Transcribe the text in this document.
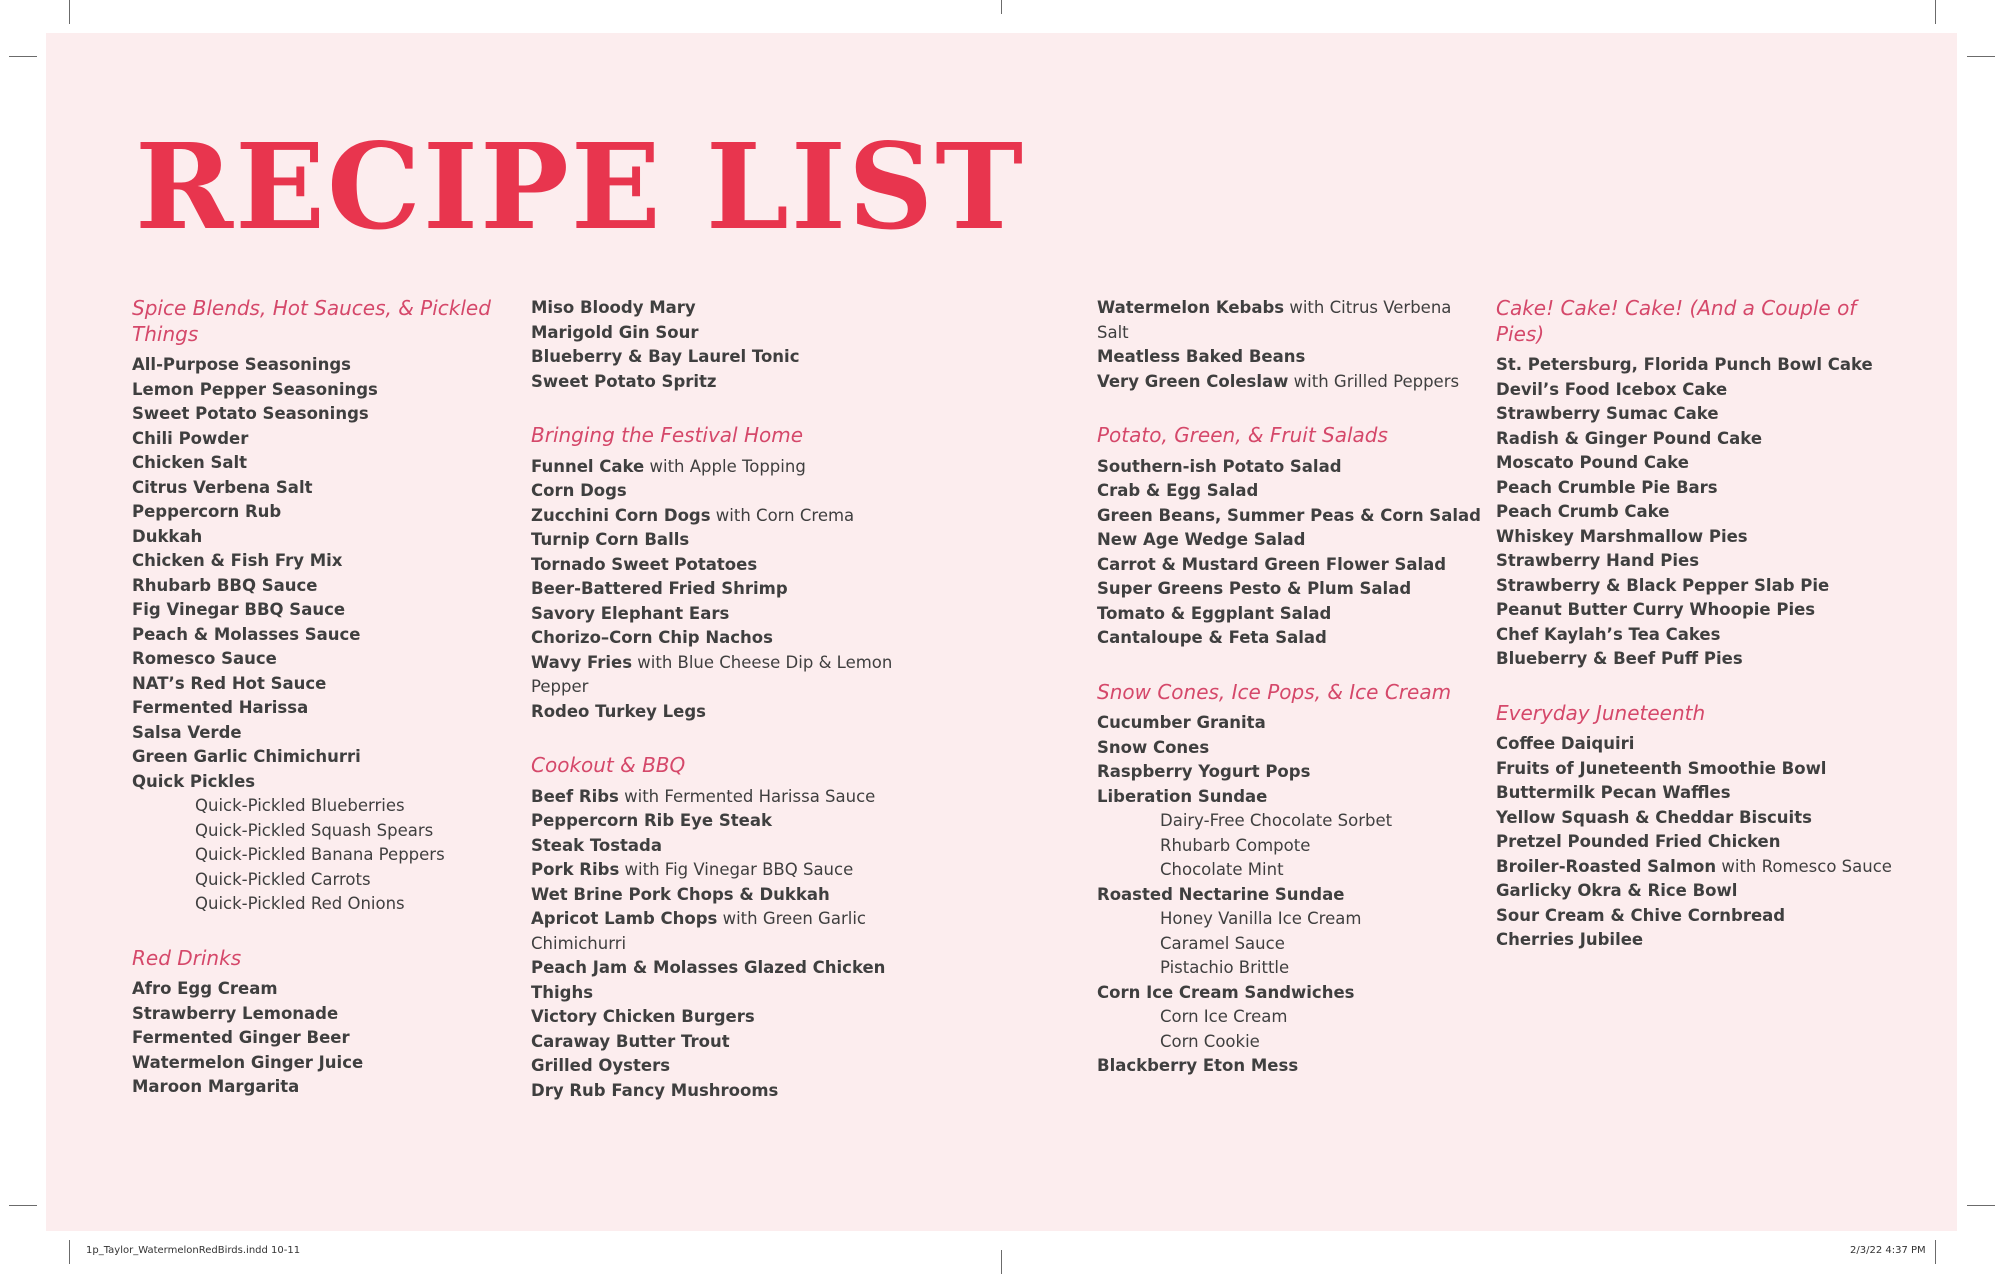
RECIPE LIST
Spice Blends, Hot Sauces, & Pickled Things
All-Purpose Seasonings
Lemon Pepper Seasonings
Sweet Potato Seasonings
Chili Powder
Chicken Salt
Citrus Verbena Salt
Peppercorn Rub
Dukkah
Chicken & Fish Fry Mix
Rhubarb BBQ Sauce
Fig Vinegar BBQ Sauce
Peach & Molasses Sauce
Romesco Sauce
NAT’s Red Hot Sauce
Fermented Harissa
Salsa Verde
Green Garlic Chimichurri
Quick Pickles
Quick-Pickled Blueberries
Quick-Pickled Squash Spears
Quick-Pickled Banana Peppers
Quick-Pickled Carrots
Quick-Pickled Red Onions
Red Drinks
Afro Egg Cream
Strawberry Lemonade
Fermented Ginger Beer
Watermelon Ginger Juice
Maroon Margarita
Miso Bloody Mary
Marigold Gin Sour
Blueberry & Bay Laurel Tonic
Sweet Potato Spritz
Bringing the Festival Home
Funnel Cake with Apple Topping
Corn Dogs
Zucchini Corn Dogs with Corn Crema
Turnip Corn Balls
Tornado Sweet Potatoes
Beer-Battered Fried Shrimp
Savory Elephant Ears
Chorizo–Corn Chip Nachos
Wavy Fries with Blue Cheese Dip & Lemon Pepper
Rodeo Turkey Legs
Cookout & BBQ
Beef Ribs with Fermented Harissa Sauce
Peppercorn Rib Eye Steak
Steak Tostada
Pork Ribs with Fig Vinegar BBQ Sauce
Wet Brine Pork Chops & Dukkah
Apricot Lamb Chops with Green Garlic Chimichurri
Peach Jam & Molasses Glazed Chicken Thighs
Victory Chicken Burgers
Caraway Butter Trout
Grilled Oysters
Dry Rub Fancy Mushrooms
Watermelon Kebabs with Citrus Verbena Salt
Meatless Baked Beans
Very Green Coleslaw with Grilled Peppers
Potato, Green, & Fruit Salads
Southern-ish Potato Salad
Crab & Egg Salad
Green Beans, Summer Peas & Corn Salad
New Age Wedge Salad
Carrot & Mustard Green Flower Salad
Super Greens Pesto & Plum Salad
Tomato & Eggplant Salad
Cantaloupe & Feta Salad
Snow Cones, Ice Pops, & Ice Cream
Cucumber Granita
Snow Cones
Raspberry Yogurt Pops
Liberation Sundae
Dairy-Free Chocolate Sorbet
Rhubarb Compote
Chocolate Mint
Roasted Nectarine Sundae
Honey Vanilla Ice Cream
Caramel Sauce
Pistachio Brittle
Corn Ice Cream Sandwiches
Corn Ice Cream
Corn Cookie
Blackberry Eton Mess
Cake! Cake! Cake! (And a Couple of Pies)
St. Petersburg, Florida Punch Bowl Cake
Devil’s Food Icebox Cake
Strawberry Sumac Cake
Radish & Ginger Pound Cake
Moscato Pound Cake
Peach Crumble Pie Bars
Peach Crumb Cake
Whiskey Marshmallow Pies
Strawberry Hand Pies
Strawberry & Black Pepper Slab Pie
Peanut Butter Curry Whoopie Pies
Chef Kaylah’s Tea Cakes
Blueberry & Beef Puff Pies
Everyday Juneteenth
Coffee Daiquiri
Fruits of Juneteenth Smoothie Bowl
Buttermilk Pecan Waffles
Yellow Squash & Cheddar Biscuits
Pretzel Pounded Fried Chicken
Broiler-Roasted Salmon with Romesco Sauce
Garlicky Okra & Rice Bowl
Sour Cream & Chive Cornbread
Cherries Jubilee
1p_Taylor_WatermelonRedBirds.indd 10-11	2/3/22 4:37 PM
